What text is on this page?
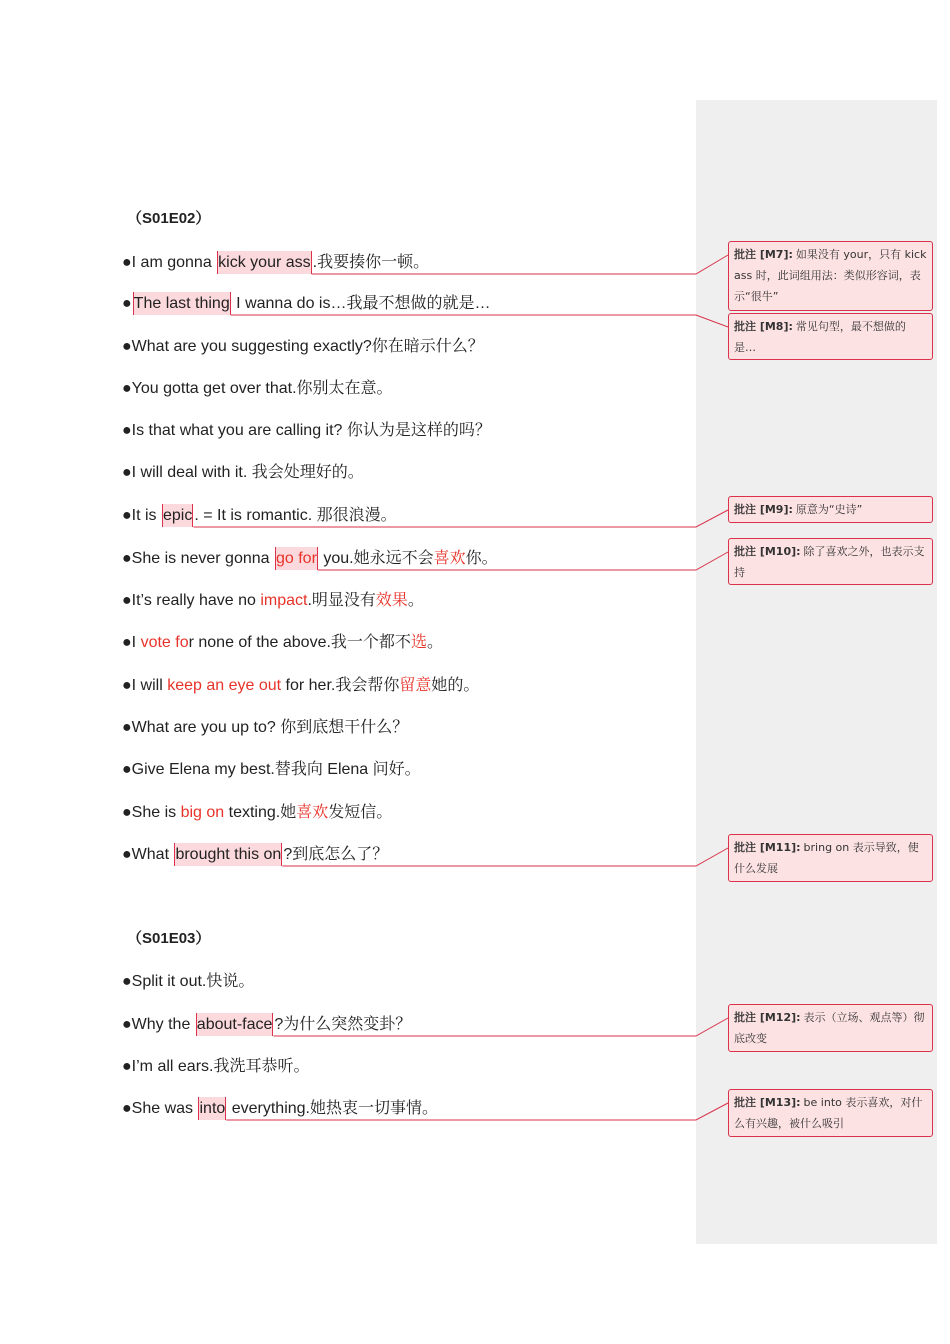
（S01E02）
●I am gonna kick your ass .我要揍你一顿。
● The last thing I wanna do is…我最不想做的就是…
●What are you suggesting exactly?你在暗示什么？
●You gotta get over that.你别太在意。
●Is that what you are calling it? 你认为是这样的吗？
●I will deal with it. 我会处理好的。
●It is epic . = It is romantic. 那很浪漫。
●She is never gonna go for you.她永远不会喜欢你。
●It’s really have no impact.明显没有效果。
●I vote for none of the above.我一个都不选。
●I will keep an eye out for her.我会帮你留意她的。
●What are you up to? 你到底想干什么？
●Give Elena my best.替我向 Elena 问好。
●She is big on texting.她喜欢发短信。
●What brought this on ?到底怎么了？
（S01E03）
●Split it out.快说。
●Why the about-face ?为什么突然变卦？
●I’m all ears.我洗耳恭听。
●She was into everything.她热衷一切事情。
批注 [M7]: 如果没有 your，只有 kick ass 时，此词组用法：类似形容词，表示“很牛”
批注 [M8]: 常见句型，最不想做的是…
批注 [M9]: 原意为“史诗”
批注 [M10]: 除了喜欢之外，也表示支持
批注 [M11]: bring on 表示导致，使什么发展
批注 [M12]: 表示（立场、观点等）彻底改变
批注 [M13]: be into 表示喜欢，对什么有兴趣，被什么吸引
